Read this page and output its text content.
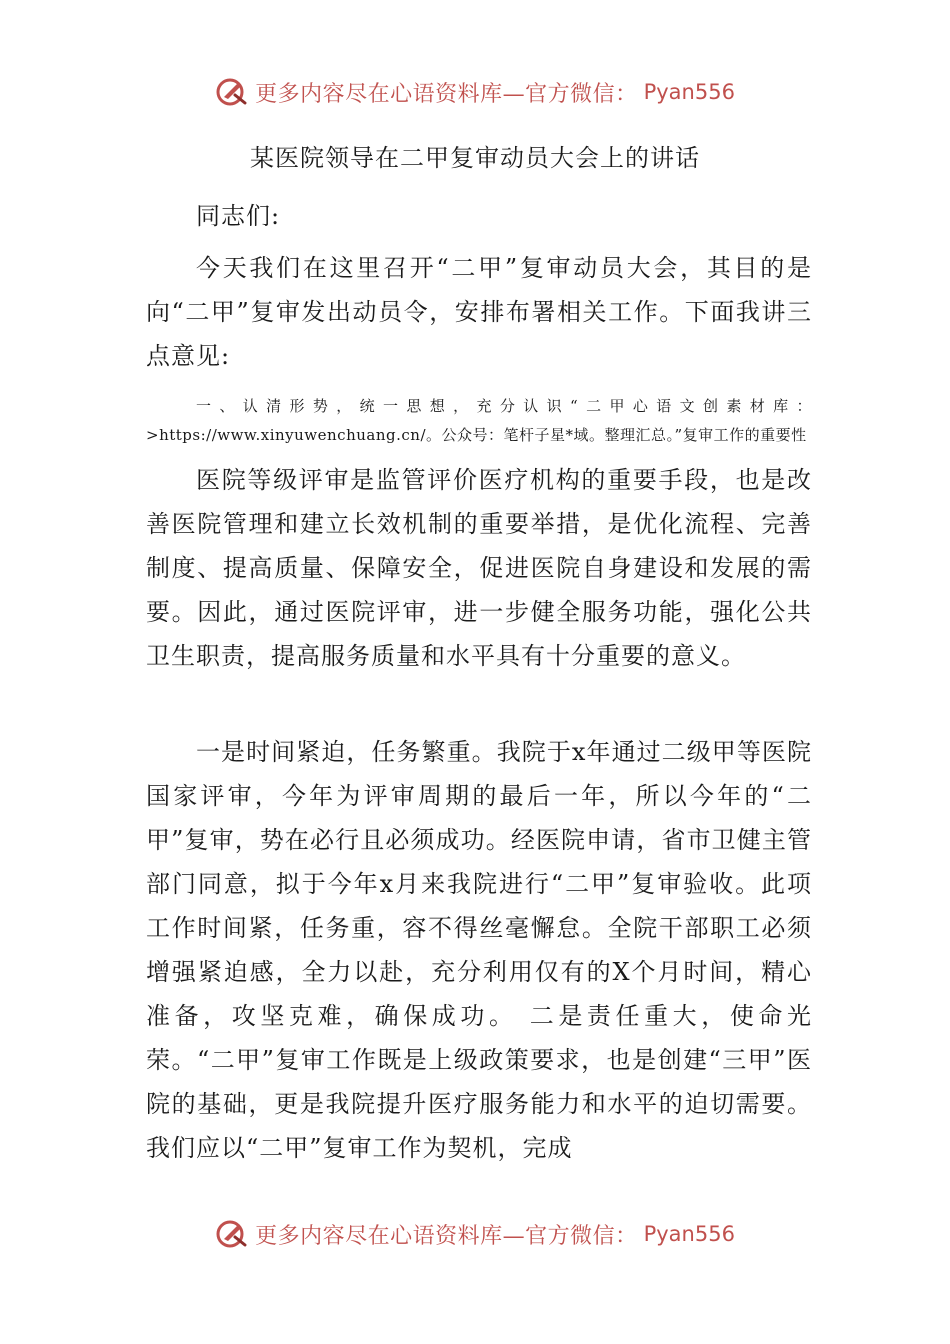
更多内容尽在心语资料库—官方微信： Pyan556
某医院领导在二甲复审动员大会上的讲话
同志们:

今天我们在这里召开“二甲”复审动员大会，其目的是向“二甲”复审发出动员令，安排布署相关工作。下面我讲三点意见:

一、认清形势，统一思想，充分认识“二甲心语文创素材库：>https://www.xinyuwenchuang.cn/。公众号：笔杆子星*域。整理汇总。”复审工作的重要性

医院等级评审是监管评价医疗机构的重要手段，也是改善医院管理和建立长效机制的重要举措，是优化流程、完善制度、提高质量、保障安全，促进医院自身建设和发展的需要。因此，通过医院评审，进一步健全服务功能，强化公共卫生职责，提高服务质量和水平具有十分重要的意义。

一是时间紧迫，任务繁重。我院于x年通过二级甲等医院国家评审，今年为评审周期的最后一年，所以今年的“二甲”复审，势在必行且必须成功。经医院申请，省市卫健主管部门同意，拟于今年x月来我院进行“二甲”复审验收。此项工作时间紧，任务重，容不得丝毫懈怠。全院干部职工必须增强紧迫感，全力以赴，充分利用仅有的X个月时间，精心准备，攻坚克难，确保成功。 二是责任重大，使命光荣。“二甲”复审工作既是上级政策要求，也是创建“三甲”医院的基础，更是我院提升医疗服务能力和水平的迫切需要。我们应以“二甲”复审工作为契机，完成

更多内容尽在心语资料库—官方微信： Pyan556
